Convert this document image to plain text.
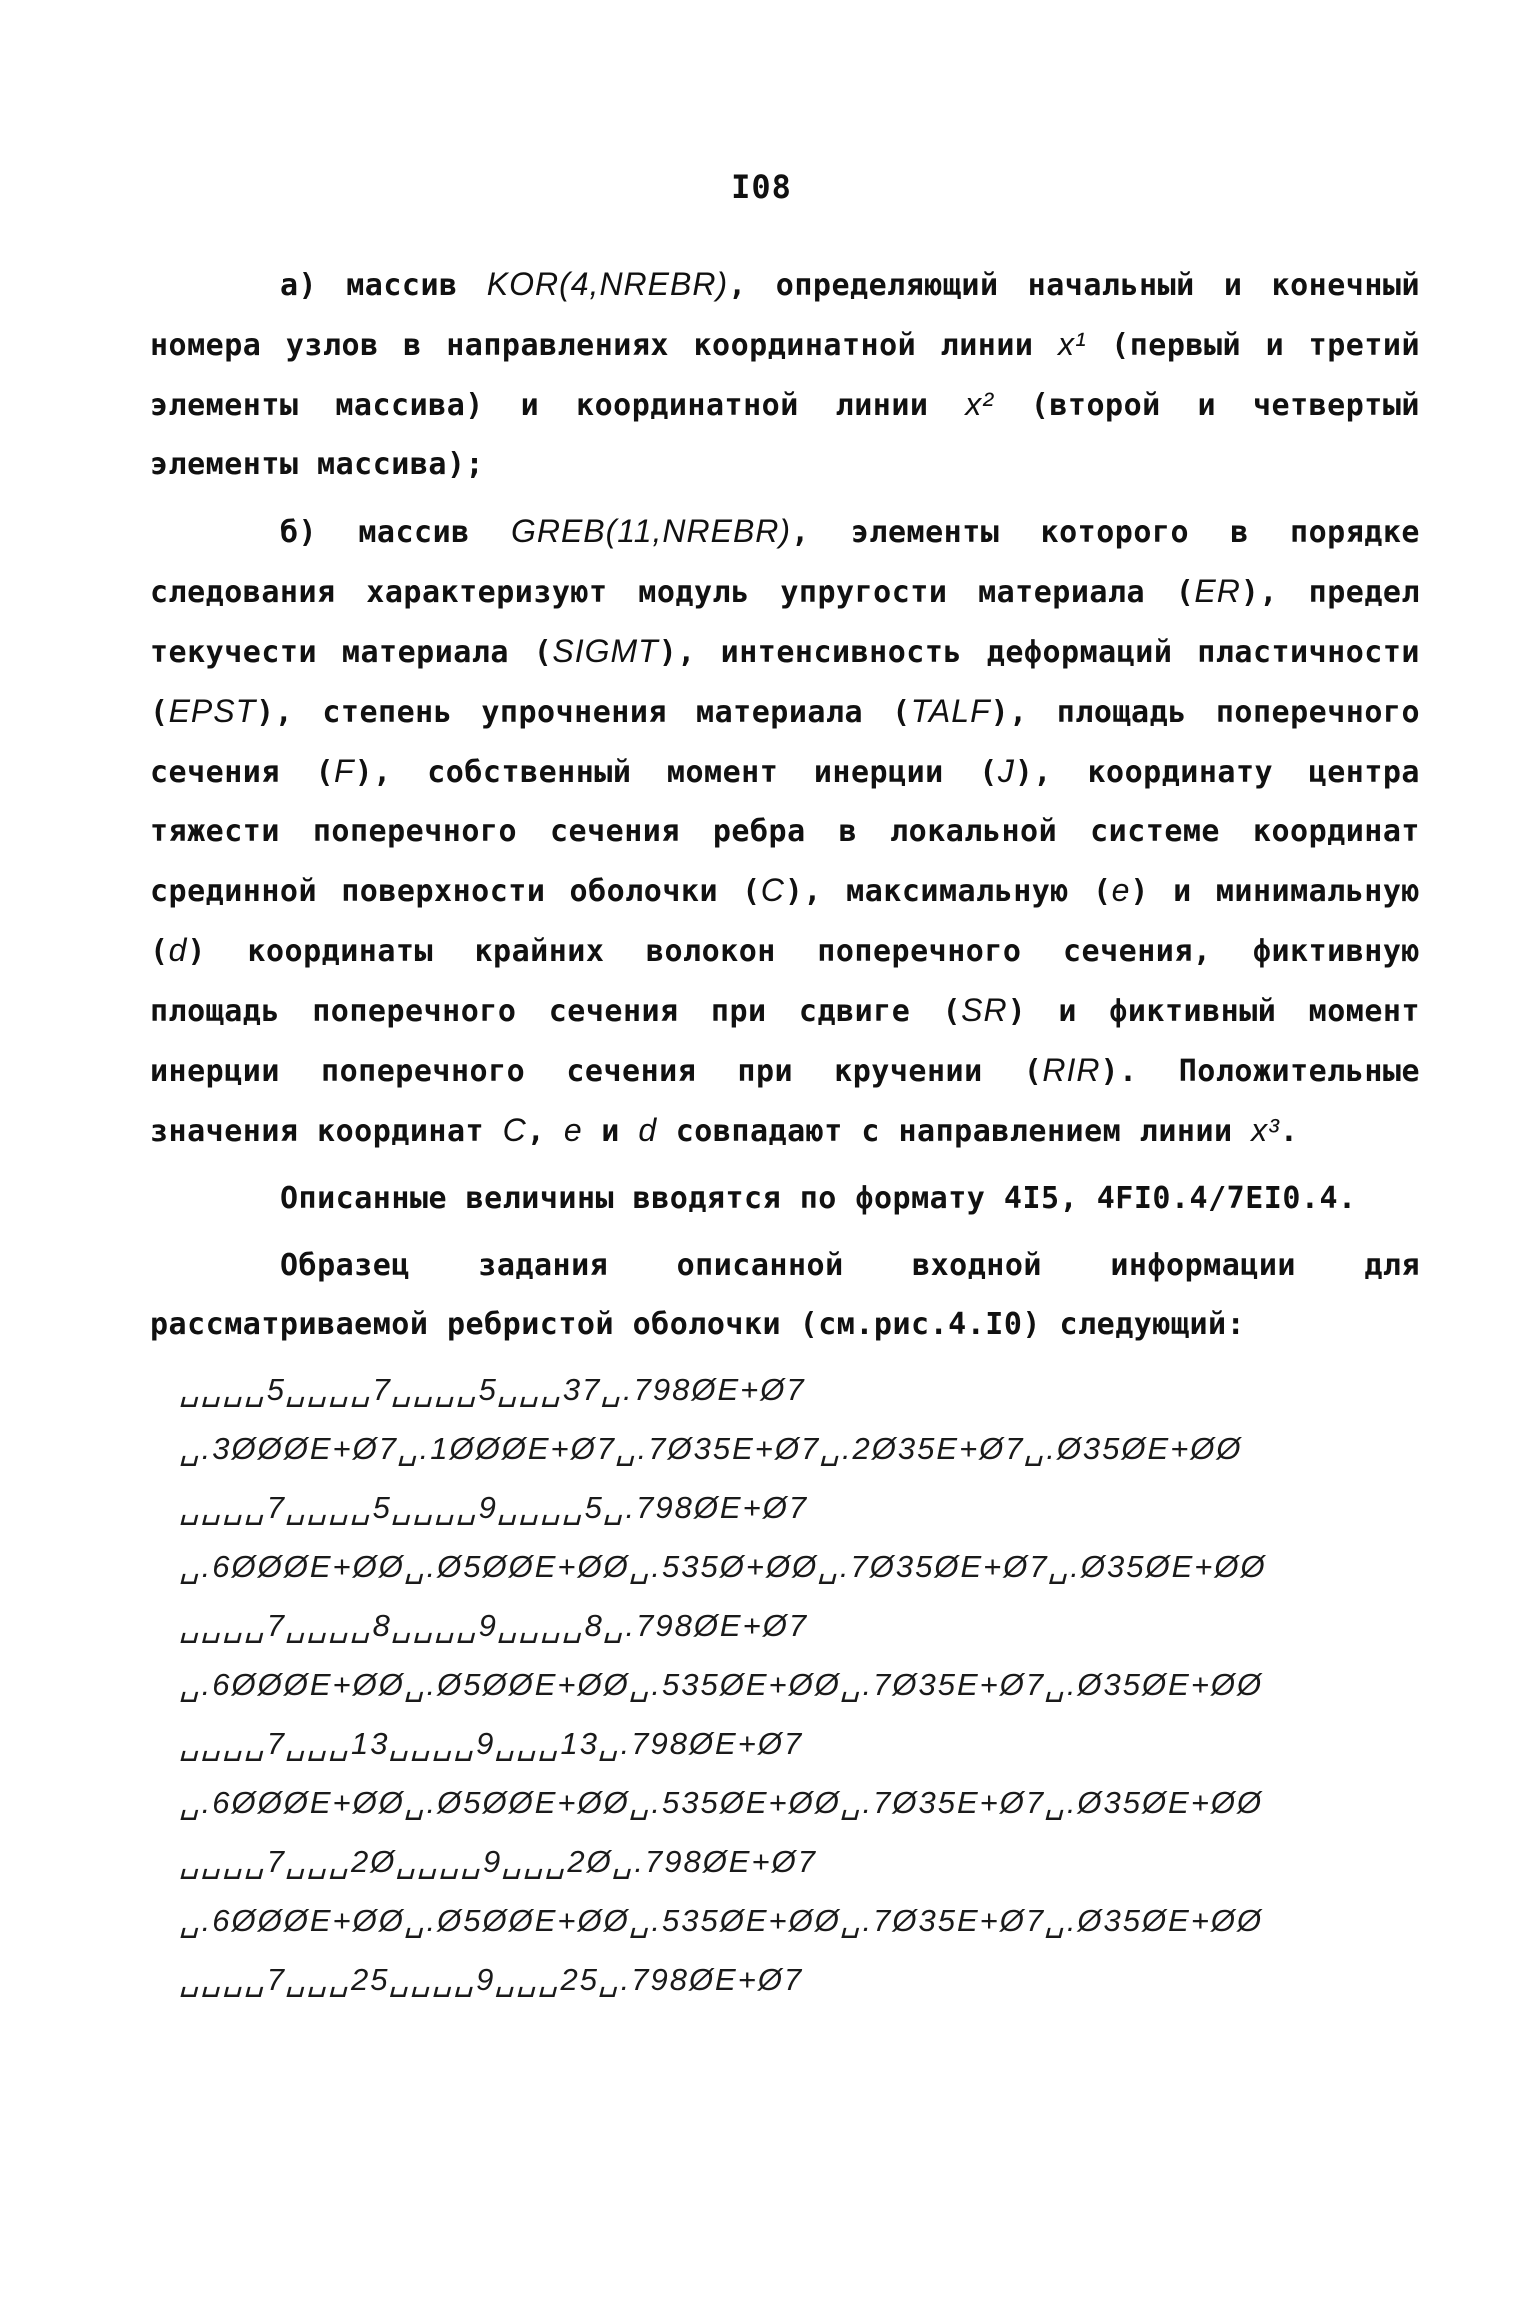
I08

а) массив KOR(4,NREBR), определяющий начальный и конечный номера узлов в направлениях координатной линии x¹ (первый и третий элементы массива) и координатной линии x² (второй и четвертый элементы массива);

б) массив GREB(11,NREBR), элементы которого в порядке следования характеризуют модуль упругости материала (ER), предел текучести материала (SIGMT), интенсивность деформаций пластичности (EPST), степень упрочнения материала (TALF), площадь поперечного сечения (F), собственный момент инерции (J), координату центра тяжести поперечного сечения ребра в локальной системе координат срединной поверхности оболочки (C), максимальную (e) и минимальную (d) координаты крайних волокон поперечного сечения, фиктивную площадь поперечного сечения при сдвиге (SR) и фиктивный момент инерции поперечного сечения при кручении (RIR). Положительные значения координат C, e и d совпадают с направлением линии x³.

Описанные величины вводятся по формату 4I5, 4FI0.4/7EI0.4.

Образец задания описанной входной информации для рассматриваемой ребристой оболочки (см.рис.4.I0) следующий:

␣␣␣␣5␣␣␣␣7␣␣␣␣5␣␣␣37␣.798ØE+Ø7
␣.3ØØØE+Ø7␣.1ØØØE+Ø7␣.7Ø35E+Ø7␣.2Ø35E+Ø7␣.Ø35ØE+ØØ
␣␣␣␣7␣␣␣␣5␣␣␣␣9␣␣␣␣5␣.798ØE+Ø7
␣.6ØØØE+ØØ␣.Ø5ØØE+ØØ␣.535Ø+ØØ␣.7Ø35ØE+Ø7␣.Ø35ØE+ØØ
␣␣␣␣7␣␣␣␣8␣␣␣␣9␣␣␣␣8␣.798ØE+Ø7
␣.6ØØØE+ØØ␣.Ø5ØØE+ØØ␣.535ØE+ØØ␣.7Ø35E+Ø7␣.Ø35ØE+ØØ
␣␣␣␣7␣␣␣13␣␣␣␣9␣␣␣13␣.798ØE+Ø7
␣.6ØØØE+ØØ␣.Ø5ØØE+ØØ␣.535ØE+ØØ␣.7Ø35E+Ø7␣.Ø35ØE+ØØ
␣␣␣␣7␣␣␣2Ø␣␣␣␣9␣␣␣2Ø␣.798ØE+Ø7
␣.6ØØØE+ØØ␣.Ø5ØØE+ØØ␣.535ØE+ØØ␣.7Ø35E+Ø7␣.Ø35ØE+ØØ
␣␣␣␣7␣␣␣25␣␣␣␣9␣␣␣25␣.798ØE+Ø7
